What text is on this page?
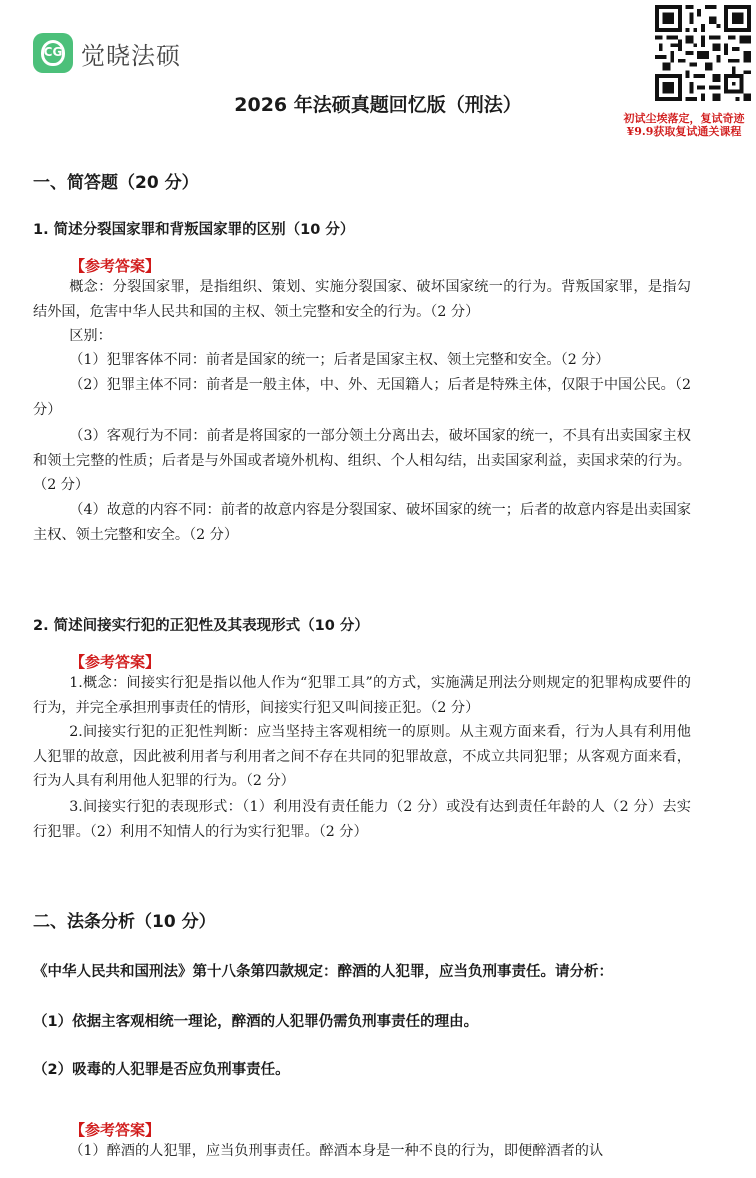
CG 觉晓法硕
初试尘埃落定，复试奇迹
¥9.9获取复试通关课程
2026 年法硕真题回忆版（刑法）
一、简答题（20 分）
1. 简述分裂国家罪和背叛国家罪的区别（10 分）
【参考答案】
概念：分裂国家罪，是指组织、策划、实施分裂国家、破坏国家统一的行为。背叛国家罪，是指勾结外国，危害中华人民共和国的主权、领土完整和安全的行为。（2 分）
区别：
（1）犯罪客体不同：前者是国家的统一；后者是国家主权、领土完整和安全。（2 分）
（2）犯罪主体不同：前者是一般主体，中、外、无国籍人；后者是特殊主体，仅限于中国公民。（2 分）
（3）客观行为不同：前者是将国家的一部分领土分离出去，破坏国家的统一，不具有出卖国家主权和领土完整的性质；后者是与外国或者境外机构、组织、个人相勾结，出卖国家利益，卖国求荣的行为。（2 分）
（4）故意的内容不同：前者的故意内容是分裂国家、破坏国家的统一；后者的故意内容是出卖国家主权、领土完整和安全。（2 分）
2. 简述间接实行犯的正犯性及其表现形式（10 分）
【参考答案】
1.概念：间接实行犯是指以他人作为“犯罪工具”的方式，实施满足刑法分则规定的犯罪构成要件的行为，并完全承担刑事责任的情形，间接实行犯又叫间接正犯。（2 分）
2.间接实行犯的正犯性判断：应当坚持主客观相统一的原则。从主观方面来看，行为人具有利用他人犯罪的故意，因此被利用者与利用者之间不存在共同的犯罪故意，不成立共同犯罪；从客观方面来看，行为人具有利用他人犯罪的行为。（2 分）
3.间接实行犯的表现形式：（1）利用没有责任能力（2 分）或没有达到责任年龄的人（2 分）去实行犯罪。（2）利用不知情人的行为实行犯罪。（2 分）
二、法条分析（10 分）
《中华人民共和国刑法》第十八条第四款规定：醉酒的人犯罪，应当负刑事责任。请分析：
（1）依据主客观相统一理论，醉酒的人犯罪仍需负刑事责任的理由。
（2）吸毒的人犯罪是否应负刑事责任。
【参考答案】
（1）醉酒的人犯罪，应当负刑事责任。醉酒本身是一种不良的行为，即便醉酒者的认
